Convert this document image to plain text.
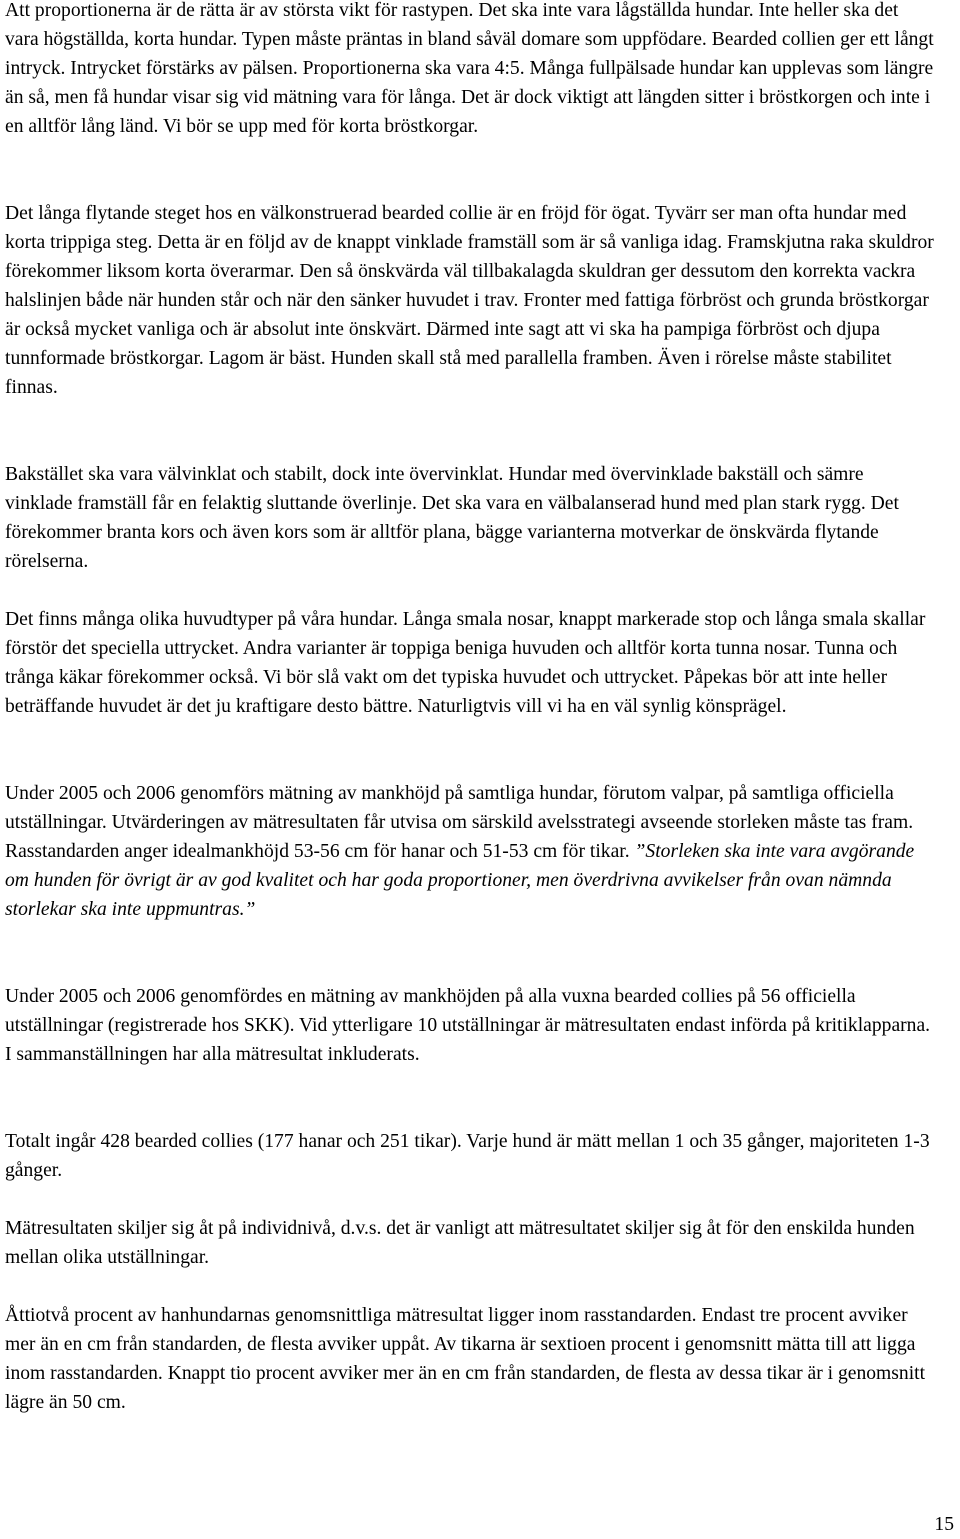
Att proportionerna är de rätta är av största vikt för rastypen. Det ska inte vara lågställda hundar. Inte heller ska det vara högställda, korta hundar. Typen måste präntas in bland såväl domare som uppfödare. Bearded collien ger ett långt intryck. Intrycket förstärks av pälsen. Proportionerna ska vara 4:5. Många fullpälsade hundar kan upplevas som längre än så, men få hundar visar sig vid mätning vara för långa. Det är dock viktigt att längden sitter i bröstkorgen och inte i en alltför lång länd. Vi bör se upp med för korta bröstkorgar.

Det långa flytande steget hos en välkonstruerad bearded collie är en fröjd för ögat. Tyvärr ser man ofta hundar med korta trippiga steg. Detta är en följd av de knappt vinklade framställ som är så vanliga idag. Framskjutna raka skuldror förekommer liksom korta överarmar. Den så önskvärda väl tillbakalagda skuldran ger dessutom den korrekta vackra halslinjen både när hunden står och när den sänker huvudet i trav. Fronter med fattiga förbröst och grunda bröstkorgar är också mycket vanliga och är absolut inte önskvärt. Därmed inte sagt att vi ska ha pampiga förbröst och djupa tunnformade bröstkorgar. Lagom är bäst. Hunden skall stå med parallella framben. Även i rörelse måste stabilitet finnas.

Bakstället ska vara välvinklat och stabilt, dock inte övervinklat. Hundar med övervinklade bakställ och sämre vinklade framställ får en felaktig sluttande överlinje. Det ska vara en välbalanserad hund med plan stark rygg. Det förekommer branta kors och även kors som är alltför plana, bägge varianterna motverkar de önskvärda flytande rörelserna.

Det finns många olika huvudtyper på våra hundar. Långa smala nosar, knappt markerade stop och långa smala skallar förstör det speciella uttrycket. Andra varianter är toppiga beniga huvuden och alltför korta tunna nosar. Tunna och trånga käkar förekommer också. Vi bör slå vakt om det typiska huvudet och uttrycket. Påpekas bör att inte heller beträffande huvudet är det ju kraftigare desto bättre. Naturligtvis vill vi ha en väl synlig könsprägel.

Under 2005 och 2006 genomförs mätning av mankhöjd på samtliga hundar, förutom valpar, på samtliga officiella utställningar. Utvärderingen av mätresultaten får utvisa om särskild avelsstrategi avseende storleken måste tas fram. Rasstandarden anger idealmankhöjd 53-56 cm för hanar och 51-53 cm för tikar. ”Storleken ska inte vara avgörande om hunden för övrigt är av god kvalitet och har goda proportioner, men överdrivna avvikelser från ovan nämnda storlekar ska inte uppmuntras.”

Under 2005 och 2006 genomfördes en mätning av mankhöjden på alla vuxna bearded collies på 56 officiella utställningar (registrerade hos SKK). Vid ytterligare 10 utställningar är mätresultaten endast införda på kritiklapparna. I sammanställningen har alla mätresultat inkluderats.

Totalt ingår 428 bearded collies (177 hanar och 251 tikar). Varje hund är mätt mellan 1 och 35 gånger, majoriteten 1-3 gånger.

Mätresultaten skiljer sig åt på individnivå, d.v.s. det är vanligt att mätresultatet skiljer sig åt för den enskilda hunden mellan olika utställningar.

Åttiotvå procent av hanhundarnas genomsnittliga mätresultat ligger inom rasstandarden. Endast tre procent avviker mer än en cm från standarden, de flesta avviker uppåt. Av tikarna är sextioen procent i genomsnitt mätta till att ligga inom rasstandarden. Knappt tio procent avviker mer än en cm från standarden, de flesta av dessa tikar är i genomsnitt lägre än 50 cm.

15
